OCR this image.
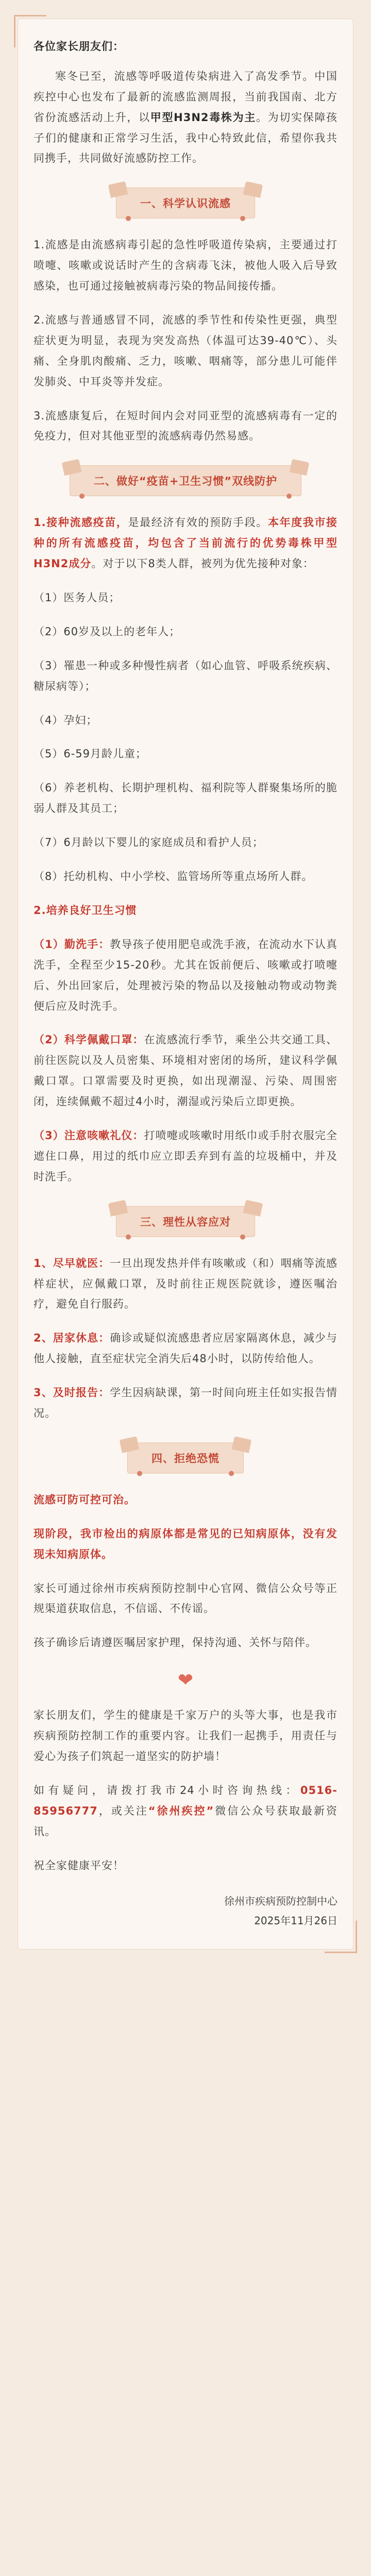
各位家长朋友们：

寒冬已至，流感等呼吸道传染病进入了高发季节。中国疾控中心也发布了最新的流感监测周报，当前我国南、北方省份流感活动上升，以甲型H3N2毒株为主。为切实保障孩子们的健康和正常学习生活，我中心特致此信，希望你我共同携手，共同做好流感防控工作。

一、科学认识流感

1.流感是由流感病毒引起的急性呼吸道传染病，主要通过打喷嚏、咳嗽或说话时产生的含病毒飞沫，被他人吸入后导致感染，也可通过接触被病毒污染的物品间接传播。

2.流感与普通感冒不同，流感的季节性和传染性更强，典型症状更为明显，表现为突发高热（体温可达39-40℃）、头痛、全身肌肉酸痛、乏力，咳嗽、咽痛等，部分患儿可能伴发肺炎、中耳炎等并发症。

3.流感康复后，在短时间内会对同亚型的流感病毒有一定的免疫力，但对其他亚型的流感病毒仍然易感。

二、做好“疫苗+卫生习惯”双线防护

1.接种流感疫苗，是最经济有效的预防手段。本年度我市接种的所有流感疫苗，均包含了当前流行的优势毒株甲型H3N2成分。对于以下8类人群，被列为优先接种对象：

（1）医务人员；

（2）60岁及以上的老年人；

（3）罹患一种或多种慢性病者（如心血管、呼吸系统疾病、糖尿病等）；

（4）孕妇；

（5）6-59月龄儿童；

（6）养老机构、长期护理机构、福利院等人群聚集场所的脆弱人群及其员工；

（7）6月龄以下婴儿的家庭成员和看护人员；

（8）托幼机构、中小学校、监管场所等重点场所人群。

2.培养良好卫生习惯

（1）勤洗手：教导孩子使用肥皂或洗手液，在流动水下认真洗手，全程至少15-20秒。尤其在饭前便后、咳嗽或打喷嚏后、外出回家后，处理被污染的物品以及接触动物或动物粪便后应及时洗手。

（2）科学佩戴口罩：在流感流行季节，乘坐公共交通工具、前往医院以及人员密集、环境相对密闭的场所，建议科学佩戴口罩。口罩需要及时更换，如出现潮湿、污染、周围密闭，连续佩戴不超过4小时，潮湿或污染后立即更换。

（3）注意咳嗽礼仪：打喷嚏或咳嗽时用纸巾或手肘衣服完全遮住口鼻，用过的纸巾应立即丢弃到有盖的垃圾桶中，并及时洗手。

三、理性从容应对

1、尽早就医：一旦出现发热并伴有咳嗽或（和）咽痛等流感样症状，应佩戴口罩，及时前往正规医院就诊，遵医嘱治疗，避免自行服药。

2、居家休息：确诊或疑似流感患者应居家隔离休息，减少与他人接触，直至症状完全消失后48小时，以防传给他人。

3、及时报告：学生因病缺课，第一时间向班主任如实报告情况。

四、拒绝恐慌

流感可防可控可治。

现阶段，我市检出的病原体都是常见的已知病原体，没有发现未知病原体。

家长可通过徐州市疾病预防控制中心官网、微信公众号等正规渠道获取信息，不信谣、不传谣。

孩子确诊后请遵医嘱居家护理，保持沟通、关怀与陪伴。

❤

家长朋友们，学生的健康是千家万户的头等大事，也是我市疾病预防控制工作的重要内容。让我们一起携手，用责任与爱心为孩子们筑起一道坚实的防护墙！

如有疑问，请拨打我市24小时咨询热线：0516-85956777，或关注“徐州疾控”微信公众号获取最新资讯。

祝全家健康平安！

徐州市疾病预防控制中心
2025年11月26日
